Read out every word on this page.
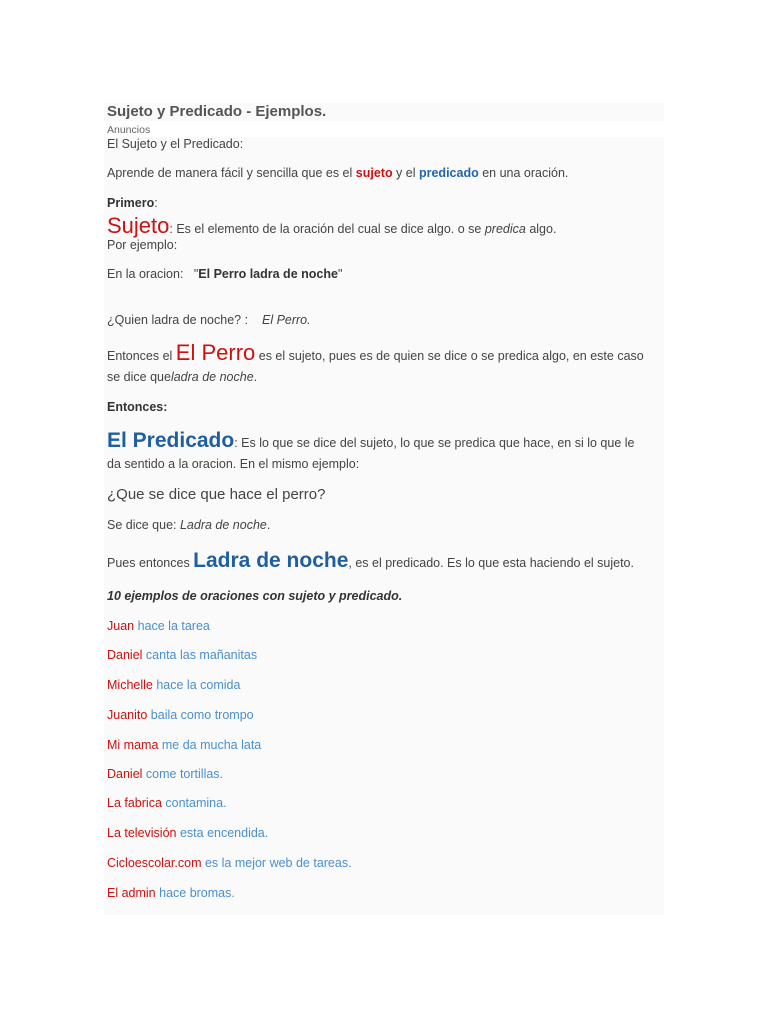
Sujeto y Predicado - Ejemplos.
Anuncios
El Sujeto y el Predicado:
Aprende de manera fácil y sencilla que es el sujeto y el predicado en una oración.
Primero:
Sujeto: Es el elemento de la oración del cual se dice algo. o se predica algo.
Por ejemplo:
En la oracion: "El Perro ladra de noche"
¿Quien ladra de noche? : El Perro.
Entonces el El Perro es el sujeto, pues es de quien se dice o se predica algo, en este caso
se dice queladra de noche.
Entonces:
El Predicado: Es lo que se dice del sujeto, lo que se predica que hace, en si lo que le
da sentido a la oracion. En el mismo ejemplo:
¿Que se dice que hace el perro?
Se dice que: Ladra de noche.
Pues entonces Ladra de noche, es el predicado. Es lo que esta haciendo el sujeto.
10 ejemplos de oraciones con sujeto y predicado.
Juan hace la tarea
Daniel canta las mañanitas
Michelle hace la comida
Juanito baila como trompo
Mi mama me da mucha lata
Daniel come tortillas.
La fabrica contamina.
La televisión esta encendida.
Cicloescolar.com es la mejor web de tareas.
El admin hace bromas.
